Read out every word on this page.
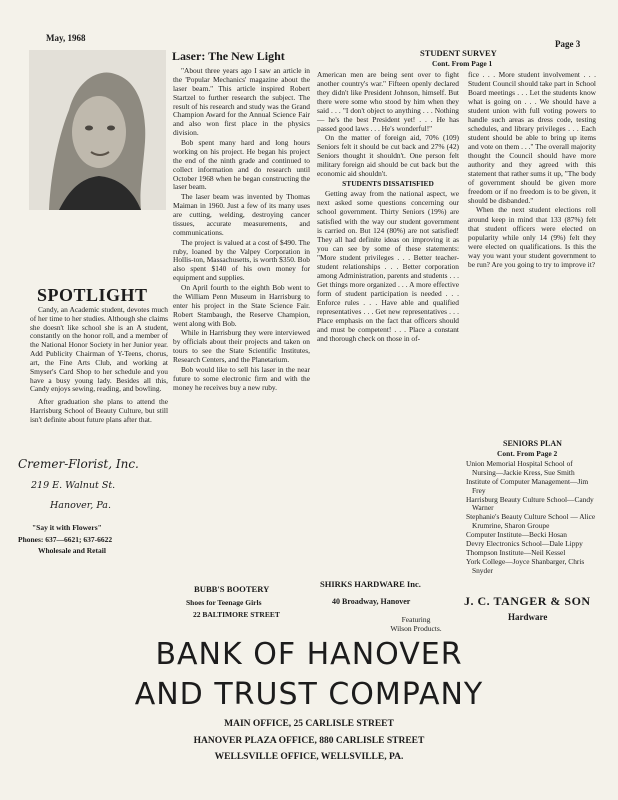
May, 1968
Page 3
SPOTLIGHT

Candy, an Academic student, devotes much of her time to her studies. Although she claims she doesn't like school she is an A student, constantly on the honor roll, and a member of the National Honor Society in her Junior year. Add Publicity Chairman of Y-Teens, chorus, art, the Fine Arts Club, and working at Smyser's Card Shop to her schedule and you have a busy young lady. Besides all this, Candy enjoys sewing, reading, and bowling.

After graduation she plans to attend the Harrisburg School of Beauty Culture, but still isn't definite about future plans after that.

Cremer-Florist, Inc.
219 E. Walnut St.
Hanover, Pa.
"Say it with Flowers"
Phones: 637—6621; 637-6622
Wholesale and Retail
Laser: The New Light

"About three years ago I saw an article in the 'Popular Mechanics' magazine about the laser beam." This article inspired Robert Startzel to further research the subject. The result of his research and study was the Grand Champion Award for the Annual Science Fair and also won first place in the physics division.

Bob spent many hard and long hours working on his project. He began his project the end of the ninth grade and continued to collect information and do research until October 1968 when he began constructing the laser beam.

The laser beam was invented by Thomas Maiman in 1960. Just a few of its many uses are cutting, welding, destroying cancer tissues, accurate measurements, and communications.

The project is valued at a cost of $490. The ruby, loaned by the Valpey Corporation in Hollis-ton, Massachusetts, is worth $350. Bob also spent $140 of his own money for equipment and supplies.

On April fourth to the eighth Bob went to the William Penn Museum in Harrisburg to enter his project in the State Science Fair. Robert Stambaugh, the Reserve Champion, went along with Bob.

While in Harrisburg they were interviewed by officials about their projects and taken on tours to see the State Scientific Institutes, Research Centers, and the Planetarium.

Bob would like to sell his laser in the near future to some electronic firm and with the money he receives buy a new ruby.

BUBB'S BOOTERY
Shoes for Teenage Girls
22 BALTIMORE STREET
STUDENT SURVEY
Cont. From Page 1

American men are being sent over to fight another country's war." Fifteen openly declared they didn't like President Johnson, himself. But there were some who stood by him when they said . . . "I don't object to anything . . . Nothing — he's the best President yet! . . . He has passed good laws . . . He's wonderful!"

On the matter of foreign aid, 70% (109) Seniors felt it should be cut back and 27% (42) Seniors thought it shouldn't. One person felt military foreign aid should be cut back but the economic aid shouldn't.

STUDENTS DISSATISFIED

Getting away from the national aspect, we next asked some questions concerning our school government. Thirty Seniors (19%) are satisfied with the way our student government is carried on. But 124 (80%) are not satisfied! They all had definite ideas on improving it as you can see by some of these statements: "More student privileges . . . Better teacher-student relationships . . . Better corporation among Administration, parents and students . . . Get things more organized . . . A more effective form of student participation is needed . . . Enforce rules . . . Have able and qualified representatives . . . Get new representatives . . . Place emphasis on the fact that officers should and must be competent! . . . Place a constant and thorough check on those in of-

fice . . . More student involvement . . . Student Council should take part in School Board meetings . . . Let the students know what is going on . . . We should have a student union with full voting powers to handle such areas as dress code, testing schedules, and library privileges . . . Each student should be able to bring up items and vote on them . . ." The overall majority thought the Council should have more authority and they agreed with this statement that rather sums it up, "The body of government should be given more freedom or if no freedom is to be given, it should be disbanded."

When the next student elections roll around keep in mind that 133 (87%) felt that student officers were elected on popularity while only 14 (9%) felt they were elected on qualifications. Is this the way you want your student government to be run? Are you going to try to improve it?

SHIRKS HARDWARE Inc.
40 Broadway, Hanover
Featuring
Wilson Products.
SENIORS PLAN
Cont. From Page 2
Union Memorial Hospital School of Nursing—Jackie Kress, Sue Smith
Institute of Computer Management—Jim Frey
Harrisburg Beauty Culture School—Candy Warner
Stephanie's Beauty Culture School — Alice Krumrine, Sharon Groupe
Computer Institute—Becki Hosan
Devry Electronics School—Dale Lippy
Thompson Institute—Neil Kessel
York College—Joyce Shanbarger, Chris Snyder
J. C. TANGER & SON
Hardware
BANK OF HANOVER
AND TRUST COMPANY
MAIN OFFICE, 25 CARLISLE STREET
HANOVER PLAZA OFFICE, 880 CARLISLE STREET
WELLSVILLE OFFICE, WELLSVILLE, PA.
